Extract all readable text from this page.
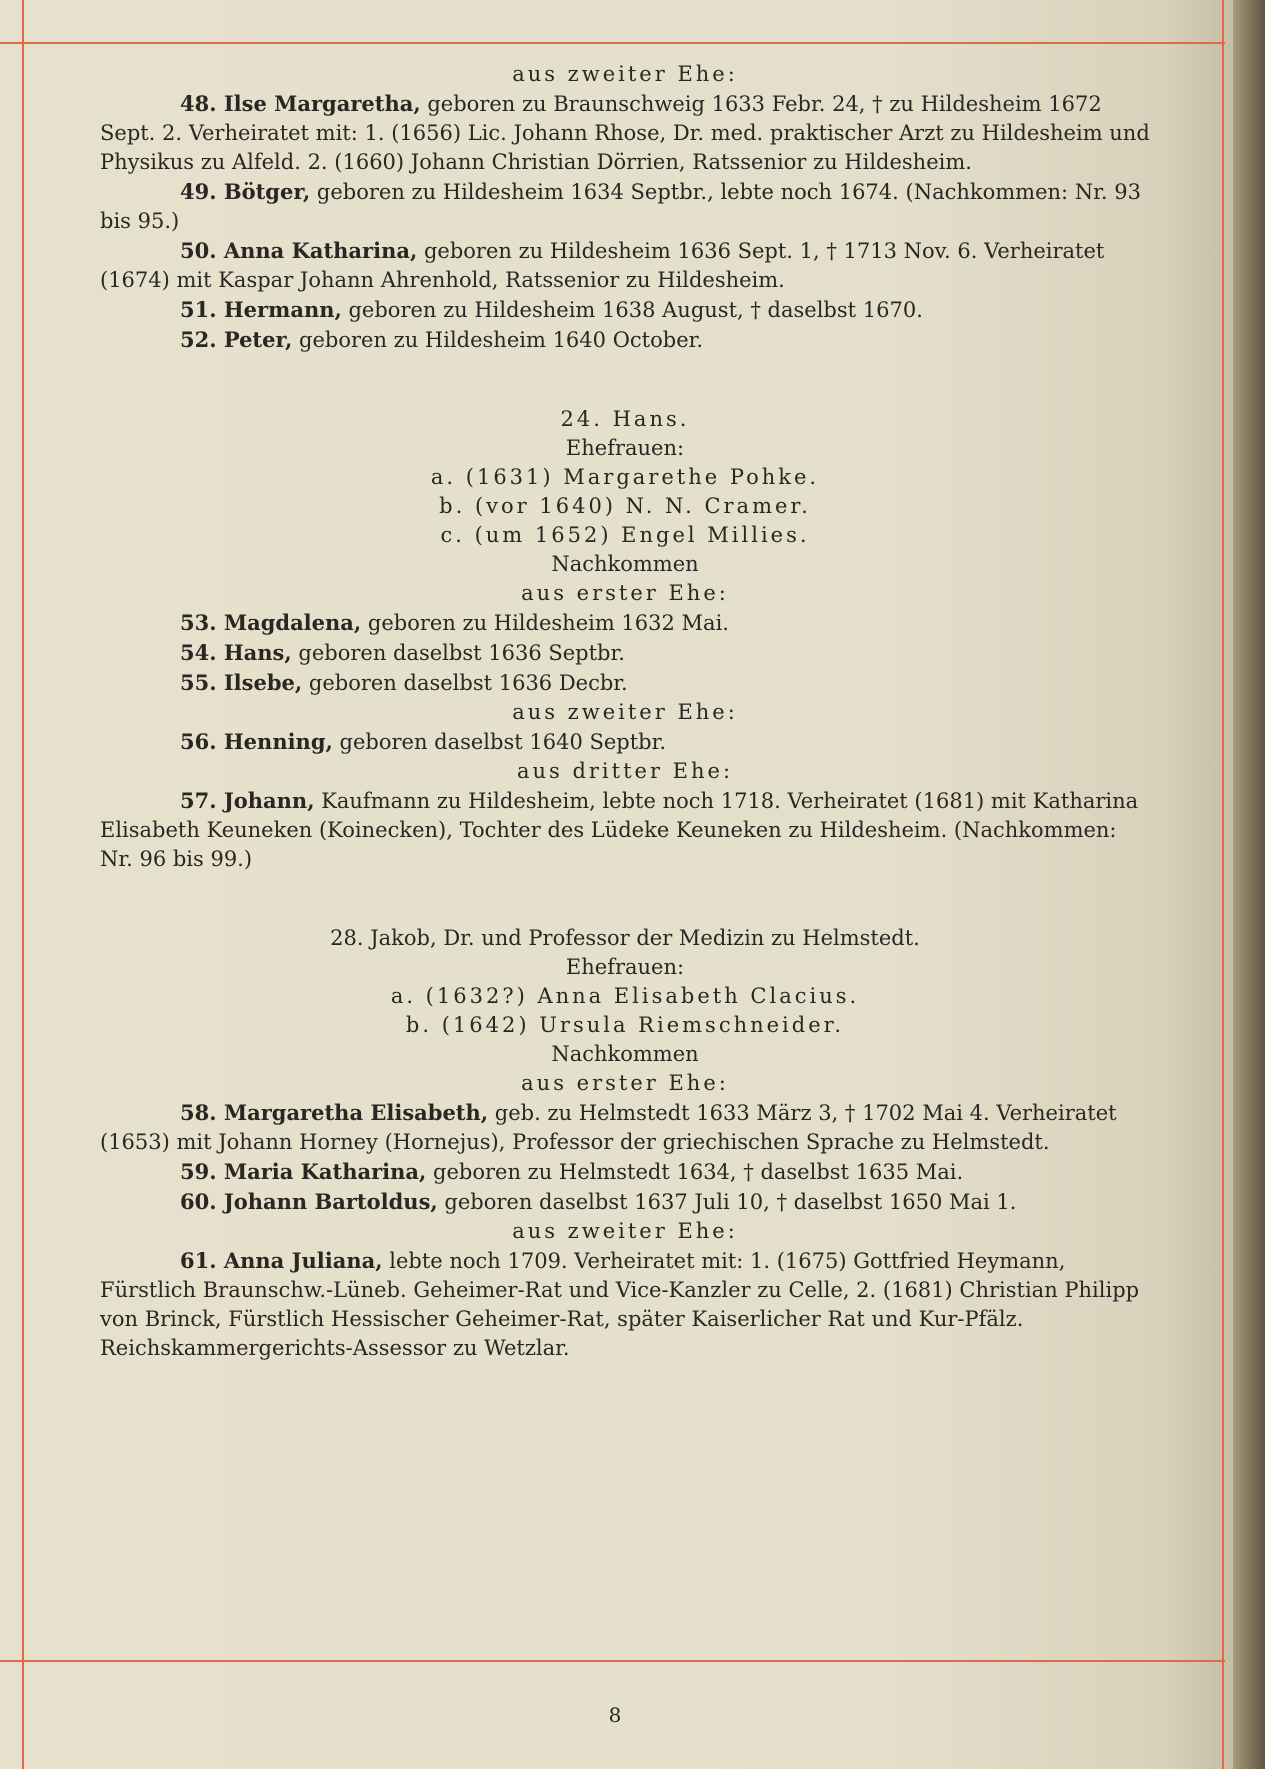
aus zweiter Ehe:

48. Ilse Margaretha, geboren zu Braunschweig 1633 Febr. 24, † zu Hildesheim 1672 Sept. 2. Verheiratet mit: 1. (1656) Lic. Johann Rhose, Dr. med. praktischer Arzt zu Hildesheim und Physikus zu Alfeld. 2. (1660) Johann Christian Dörrien, Ratssenior zu Hildesheim.

49. Bötger, geboren zu Hildesheim 1634 Septbr., lebte noch 1674. (Nachkommen: Nr. 93 bis 95.)

50. Anna Katharina, geboren zu Hildesheim 1636 Sept. 1, † 1713 Nov. 6. Verheiratet (1674) mit Kaspar Johann Ahrenhold, Ratssenior zu Hildesheim.

51. Hermann, geboren zu Hildesheim 1638 August, † daselbst 1670.

52. Peter, geboren zu Hildesheim 1640 October.

24. Hans.

Ehefrauen:

a. (1631) Margarethe Pohke.

b. (vor 1640) N. N. Cramer.

c. (um 1652) Engel Millies.

Nachkommen

aus erster Ehe:

53. Magdalena, geboren zu Hildesheim 1632 Mai.

54. Hans, geboren daselbst 1636 Septbr.

55. Ilsebe, geboren daselbst 1636 Decbr.

aus zweiter Ehe:

56. Henning, geboren daselbst 1640 Septbr.

aus dritter Ehe:

57. Johann, Kaufmann zu Hildesheim, lebte noch 1718. Verheiratet (1681) mit Katharina Elisabeth Keuneken (Koinecken), Tochter des Lüdeke Keuneken zu Hildesheim. (Nachkommen: Nr. 96 bis 99.)

28. Jakob, Dr. und Professor der Medizin zu Helmstedt.

Ehefrauen:

a. (1632?) Anna Elisabeth Clacius.

b. (1642) Ursula Riemschneider.

Nachkommen

aus erster Ehe:

58. Margaretha Elisabeth, geb. zu Helmstedt 1633 März 3, † 1702 Mai 4. Verheiratet (1653) mit Johann Horney (Hornejus), Professor der griechischen Sprache zu Helmstedt.

59. Maria Katharina, geboren zu Helmstedt 1634, † daselbst 1635 Mai.

60. Johann Bartoldus, geboren daselbst 1637 Juli 10, † daselbst 1650 Mai 1.

aus zweiter Ehe:

61. Anna Juliana, lebte noch 1709. Verheiratet mit: 1. (1675) Gottfried Heymann, Fürstlich Braunschw.-Lüneb. Geheimer-Rat und Vice-Kanzler zu Celle, 2. (1681) Christian Philipp von Brinck, Fürstlich Hessischer Geheimer-Rat, später Kaiserlicher Rat und Kur-Pfälz. Reichskammergerichts-Assessor zu Wetzlar.

8
